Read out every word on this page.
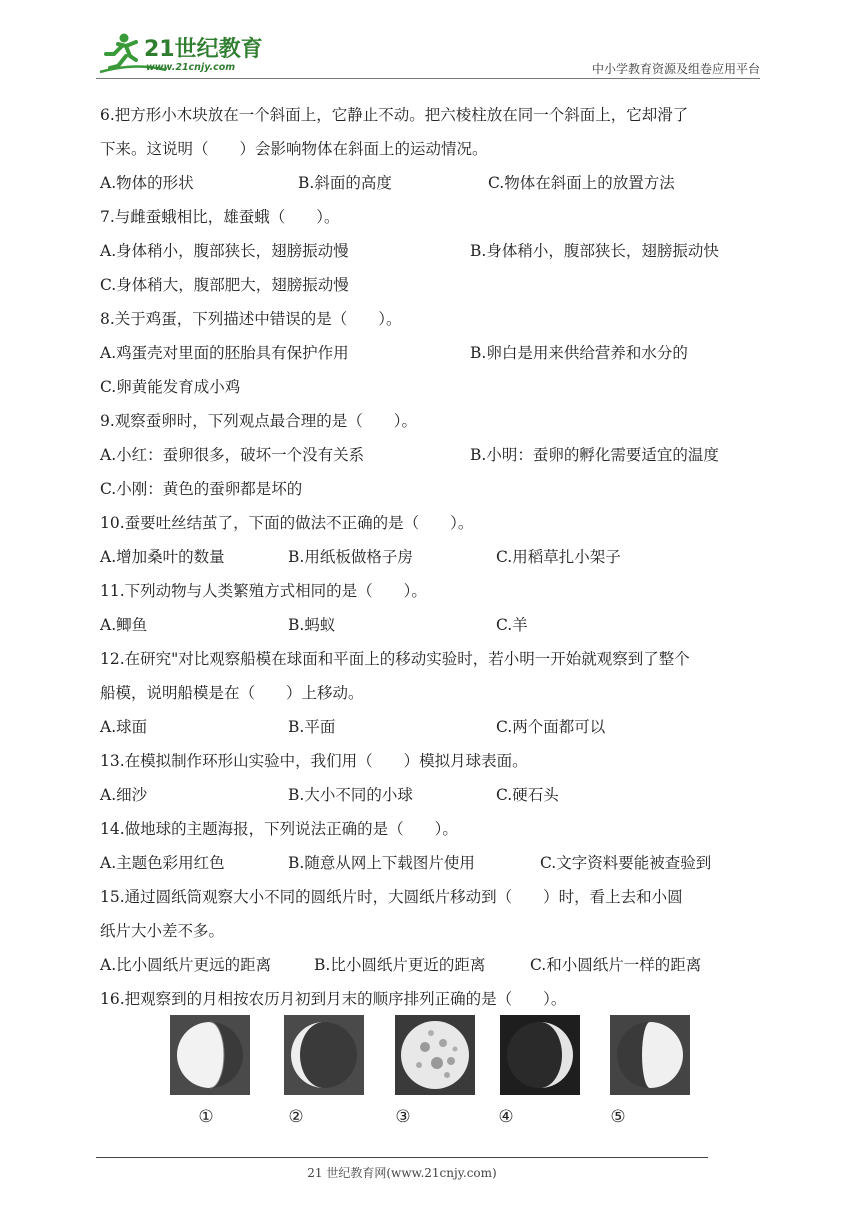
21世纪教育
www.21cnjy.com	中小学教育资源及组卷应用平台
6.把方形小木块放在一个斜面上，它静止不动。把六棱柱放在同一个斜面上，它却滑了
下来。这说明（　　）会影响物体在斜面上的运动情况。
A.物体的形状	B.斜面的高度	C.物体在斜面上的放置方法
7.与雌蚕蛾相比，雄蚕蛾（　　）。
A.身体稍小，腹部狭长，翅膀振动慢	B.身体稍小，腹部狭长，翅膀振动快
C.身体稍大，腹部肥大，翅膀振动慢
8.关于鸡蛋，下列描述中错误的是（　　）。
A.鸡蛋壳对里面的胚胎具有保护作用	B.卵白是用来供给营养和水分的
C.卵黄能发育成小鸡
9.观察蚕卵时，下列观点最合理的是（　　）。
A.小红：蚕卵很多，破坏一个没有关系	B.小明：蚕卵的孵化需要适宜的温度
C.小刚：黄色的蚕卵都是坏的
10.蚕要吐丝结茧了，下面的做法不正确的是（　　）。
A.增加桑叶的数量	B.用纸板做格子房	C.用稻草扎小架子
11.下列动物与人类繁殖方式相同的是（　　）。
A.鲫鱼	B.蚂蚁	C.羊
12.在研究"对比观察船模在球面和平面上的移动实验时，若小明一开始就观察到了整个
船模，说明船模是在（　　）上移动。
A.球面	B.平面	C.两个面都可以
13.在模拟制作环形山实验中，我们用（　　）模拟月球表面。
A.细沙	B.大小不同的小球	C.硬石头
14.做地球的主题海报，下列说法正确的是（　　）。
A.主题色彩用红色	B.随意从网上下载图片使用	C.文字资料要能被查验到
15.通过圆纸筒观察大小不同的圆纸片时，大圆纸片移动到（　　）时，看上去和小圆
纸片大小差不多。
A.比小圆纸片更远的距离	B.比小圆纸片更近的距离	C.和小圆纸片一样的距离
16.把观察到的月相按农历月初到月末的顺序排列正确的是（　　）。
①	②	③	④	⑤
21 世纪教育网(www.21cnjy.com)
